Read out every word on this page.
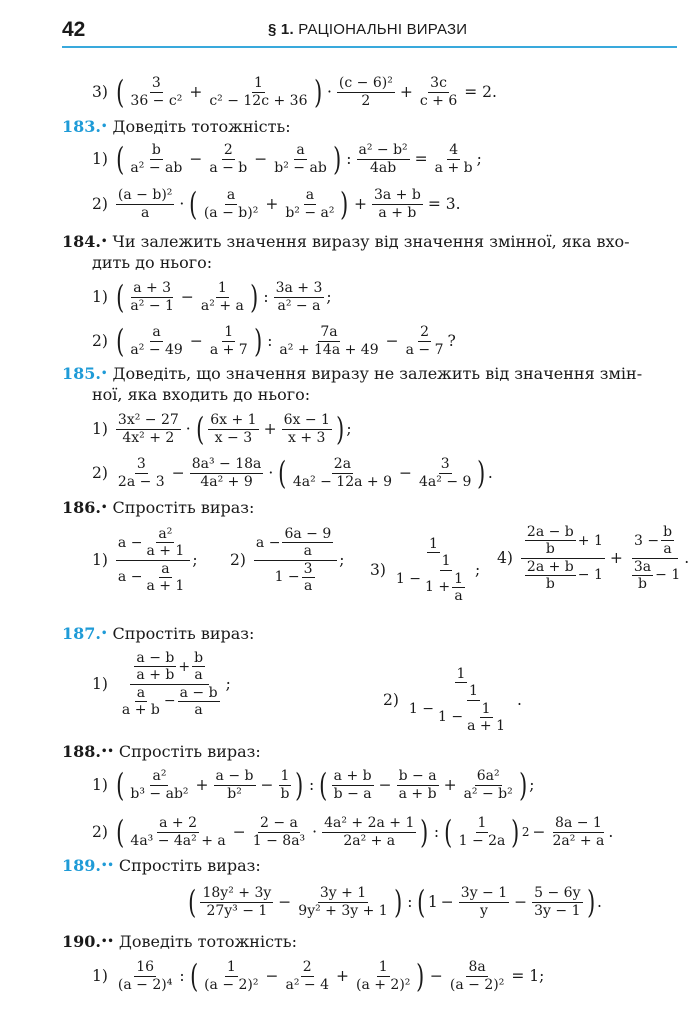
42	§ 1. РАЦІОНАЛЬНІ ВИРАЗИ
3) ( 3
$36 - c^2 + \frac{1}{\text{c² − 12c + 36}}$ ) · (c − 6)²
$2 + \frac{3c}{c + 6} = 2$.
183. •
Доведіть тотожність:
1) ( b
a² − ab − $\frac{2}{a - b} - \frac{a}{\text{b² − ab}}$ ) : $\frac{\text{a² − b²}}{4ab} = \frac{4}{a + b}$ ;
2) (a − b)²
a · ( a
$(a - b)^2 + \frac{a}{\text{b² − a²}}$ ) + $\frac{3a + b}{a + b} = 3$.
184. •
Чи залежить значення виразу від значення змінної, яка вхо-
дить до нього:
1) ( a + 3
$a^2 - 1 - \frac{1}{\text{a² + a}}$ ) : 3a + 3
a² − a ;
2) ( a
$a^2 - 49 - \frac{1}{a + 7}$ ) :	7a
$a^2 + 14a + 49 - \frac{2}{a - 7}$ ?
185. •
Доведіть, що значення виразу не залежить від значення змін-
ної, яка входить до нього:
1) 3x² − 27
4x² + 2 · ( 6x + 1
$x - 3 + \frac{6x - 1}{x + 3}$ ) ;
2) 3
$2a - 3 - \frac{\text{8a³ − 18a}}{\text{4a² + 9}}$ · (	2a
$4a^2 - 12a + 9 - \frac{3}{\text{4a² − 9}}$ ) .
186. •
Спростіть вираз:
1)
$a - \frac{\text{a²}}{a + 1}$
$a - \frac{a}{a + 1}$
; 2)
$a - \frac{6a - 9}{a}$
$1 - \frac{3}{a}$
;
3)
1
$1 - \frac{1}{1 + \frac{1}{a}}$ ;
4)
2a − b
b
+ 1
2a + b
b
− 1
+ $3 - \frac{b}{a}$
3a
b
− 1 .
187. •
Спростіть вираз:
1)
a − b
a + b
+
b
a
a
a + b
−
a − b
a
;
2)
1
$1 - \frac{1}{1 - \frac{1}{a + 1}}$ .
188. ••
Спростіть вираз:
1) ( a²
$b^3 - ab^2 + \frac{a - b}{\text{b²}} - \frac{1}{b}$ ) : ( a + b
$b - a - \frac{b - a}{a + b} + \frac{\text{6a²}}{\text{a² − b²}}$ ) ;
2) ( a + 2
$4a^3 - 4a^2 + a - \frac{2 - a}{\text{1 − 8a³}} \cdot 4a^2 + 2a + 1$
2a² + a ) : ( 1
1 − 2a ) $2 - \frac{8a - 1}{\text{2a² + a}}$ .
189. ••
Спростіть вираз:
( 18y² + 3y
$27y^3 - 1 - \frac{3y + 1}{\text{9y² + 3y + 1}}$ ) : ( $1 - \frac{3y - 1}{y} - \frac{5 - 6y}{3y - 1}$ ) .
190. ••
Доведіть тотожність:
1) 16
(a − 2)⁴ : ( 1
$(a - 2)^2 - \frac{2}{\text{a² − 4}} + \frac{1}{\text{(a + 2)²}}$ ) − $\frac{8a}{\text{(a − 2)²}} = 1$;
